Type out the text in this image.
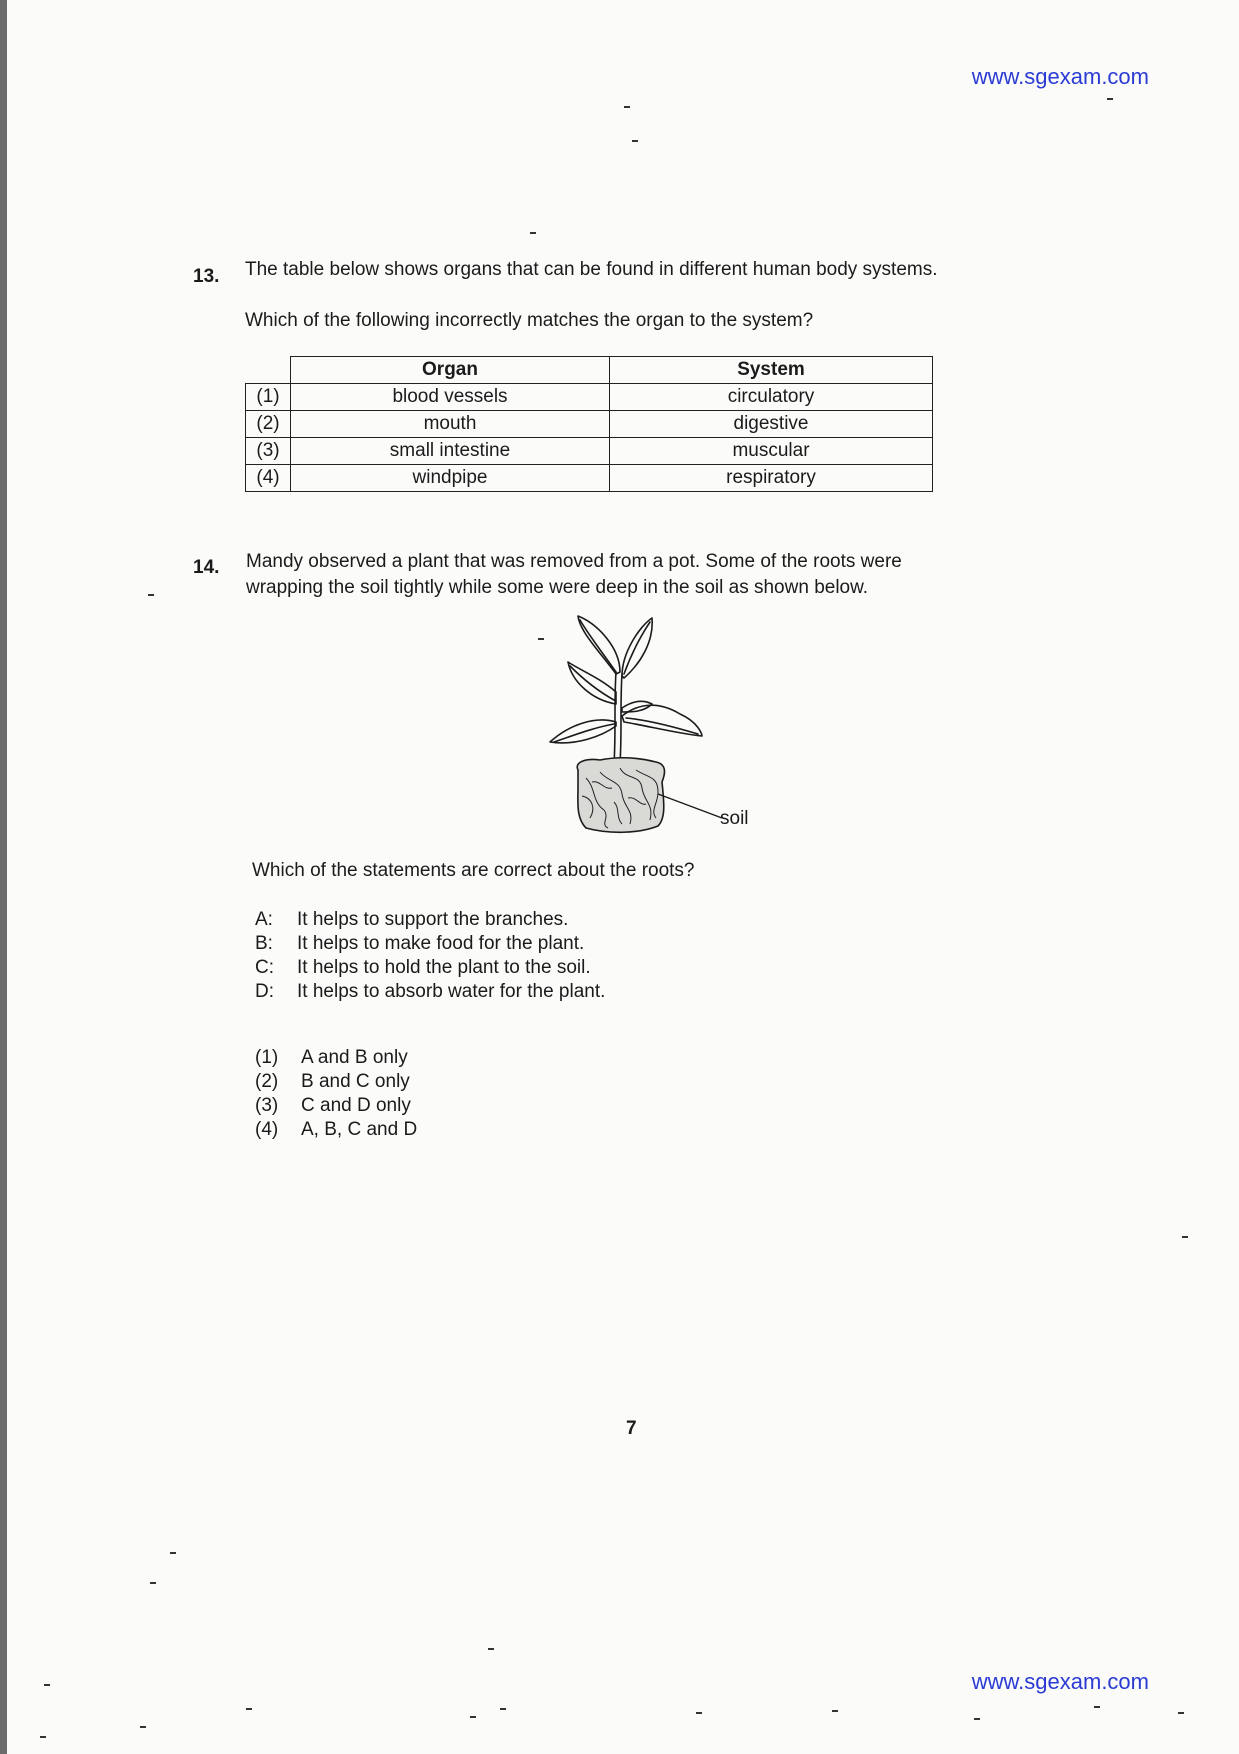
www.sgexam.com
13. The table below shows organs that can be found in different human body systems.
Which of the following incorrectly matches the organ to the system?
	Organ	System
(1)	blood vessels	circulatory
(2)	mouth	digestive
(3)	small intestine	muscular
(4)	windpipe	respiratory
14. Mandy observed a plant that was removed from a pot. Some of the roots were
wrapping the soil tightly while some were deep in the soil as shown below.
soil
Which of the statements are correct about the roots?
A:	It helps to support the branches.
B:	It helps to make food for the plant.
C:	It helps to hold the plant to the soil.
D:	It helps to absorb water for the plant.
(1)	A and B only
(2)	B and C only
(3)	C and D only
(4)	A, B, C and D
7
www.sgexam.com
